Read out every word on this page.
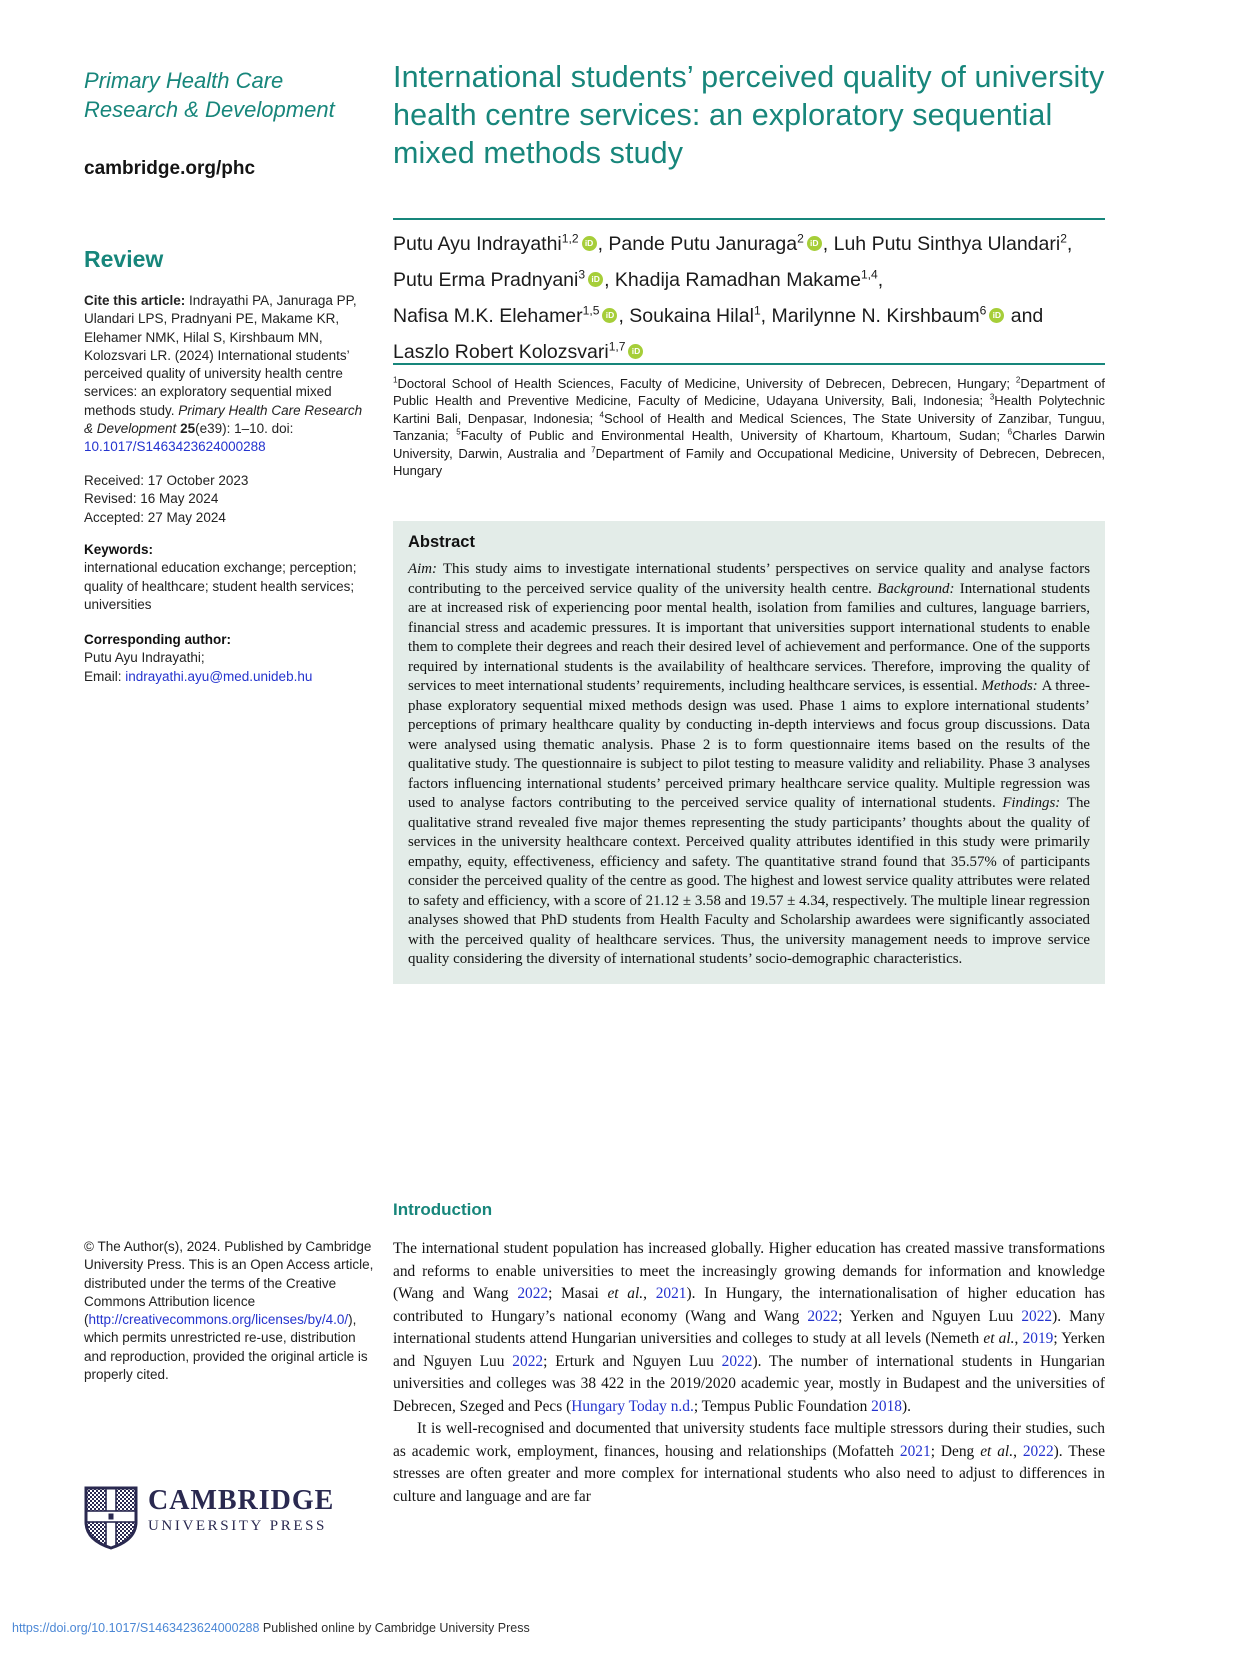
Primary Health Care
Research & Development
cambridge.org/phc
Review

Cite this article: Indrayathi PA, Januraga PP, Ulandari LPS, Pradnyani PE, Makame KR, Elehamer NMK, Hilal S, Kirshbaum MN, Kolozsvari LR. (2024) International students’ perceived quality of university health centre services: an exploratory sequential mixed methods study. Primary Health Care Research & Development 25(e39): 1–10. doi: 10.1017/S1463423624000288

Received: 17 October 2023
Revised: 16 May 2024
Accepted: 27 May 2024
Keywords:
international education exchange; perception; quality of healthcare; student health services; universities
Corresponding author:
Putu Ayu Indrayathi;
Email: indrayathi.ayu@med.unideb.hu

© The Author(s), 2024. Published by Cambridge University Press. This is an Open Access article, distributed under the terms of the Creative Commons Attribution licence (http://creativecommons.org/licenses/by/4.0/), which permits unrestricted re-use, distribution and reproduction, provided the original article is properly cited.

CAMBRIDGE
UNIVERSITY PRESS
International students’ perceived quality of university health centre services: an exploratory sequential mixed methods study
Putu Ayu Indrayathi$^{1,2}$ iD , Pande Putu Januraga$^2$ iD , Luh Putu Sinthya Ulandari$^2$,
Putu Erma Pradnyani$^3$ iD , Khadija Ramadhan Makame$^{1,4}$,
Nafisa M.K. Elehamer$^{1,5}$ iD , Soukaina Hilal$^1$, Marilynne N. Kirshbaum$^6$ iD and
Laszlo Robert Kolozsvari$^{1,7}$ iD

$^1$Doctoral School of Health Sciences, Faculty of Medicine, University of Debrecen, Debrecen, Hungary; $^2$Department of Public Health and Preventive Medicine, Faculty of Medicine, Udayana University, Bali, Indonesia; $^3$Health Polytechnic Kartini Bali, Denpasar, Indonesia; $^4$School of Health and Medical Sciences, The State University of Zanzibar, Tunguu, Tanzania; $^5$Faculty of Public and Environmental Health, University of Khartoum, Khartoum, Sudan; $^6$Charles Darwin University, Darwin, Australia and $^7$Department of Family and Occupational Medicine, University of Debrecen, Debrecen, Hungary

Abstract

Aim: This study aims to investigate international students’ perspectives on service quality and analyse factors contributing to the perceived service quality of the university health centre. Background: International students are at increased risk of experiencing poor mental health, isolation from families and cultures, language barriers, financial stress and academic pressures. It is important that universities support international students to enable them to complete their degrees and reach their desired level of achievement and performance. One of the supports required by international students is the availability of healthcare services. Therefore, improving the quality of services to meet international students’ requirements, including healthcare services, is essential. Methods: A three-phase exploratory sequential mixed methods design was used. Phase 1 aims to explore international students’ perceptions of primary healthcare quality by conducting in-depth interviews and focus group discussions. Data were analysed using thematic analysis. Phase 2 is to form questionnaire items based on the results of the qualitative study. The questionnaire is subject to pilot testing to measure validity and reliability. Phase 3 analyses factors influencing international students’ perceived primary healthcare service quality. Multiple regression was used to analyse factors contributing to the perceived service quality of international students. Findings: The qualitative strand revealed five major themes representing the study participants’ thoughts about the quality of services in the university healthcare context. Perceived quality attributes identified in this study were primarily empathy, equity, effectiveness, efficiency and safety. The quantitative strand found that 35.57% of participants consider the perceived quality of the centre as good. The highest and lowest service quality attributes were related to safety and efficiency, with a score of 21.12 ± 3.58 and 19.57 ± 4.34, respectively. The multiple linear regression analyses showed that PhD students from Health Faculty and Scholarship awardees were significantly associated with the perceived quality of healthcare services. Thus, the university management needs to improve service quality considering the diversity of international students’ socio-demographic characteristics.

Introduction

The international student population has increased globally. Higher education has created massive transformations and reforms to enable universities to meet the increasingly growing demands for information and knowledge (Wang and Wang 2022; Masai et al., 2021). In Hungary, the internationalisation of higher education has contributed to Hungary’s national economy (Wang and Wang 2022; Yerken and Nguyen Luu 2022). Many international students attend Hungarian universities and colleges to study at all levels (Nemeth et al., 2019; Yerken and Nguyen Luu 2022; Erturk and Nguyen Luu 2022). The number of international students in Hungarian universities and colleges was 38 422 in the 2019/2020 academic year, mostly in Budapest and the universities of Debrecen, Szeged and Pecs (Hungary Today n.d.; Tempus Public Foundation 2018).

It is well-recognised and documented that university students face multiple stressors during their studies, such as academic work, employment, finances, housing and relationships (Mofatteh 2021; Deng et al., 2022). These stresses are often greater and more complex for international students who also need to adjust to differences in culture and language and are far

https://doi.org/10.1017/S1463423624000288 Published online by Cambridge University Press
